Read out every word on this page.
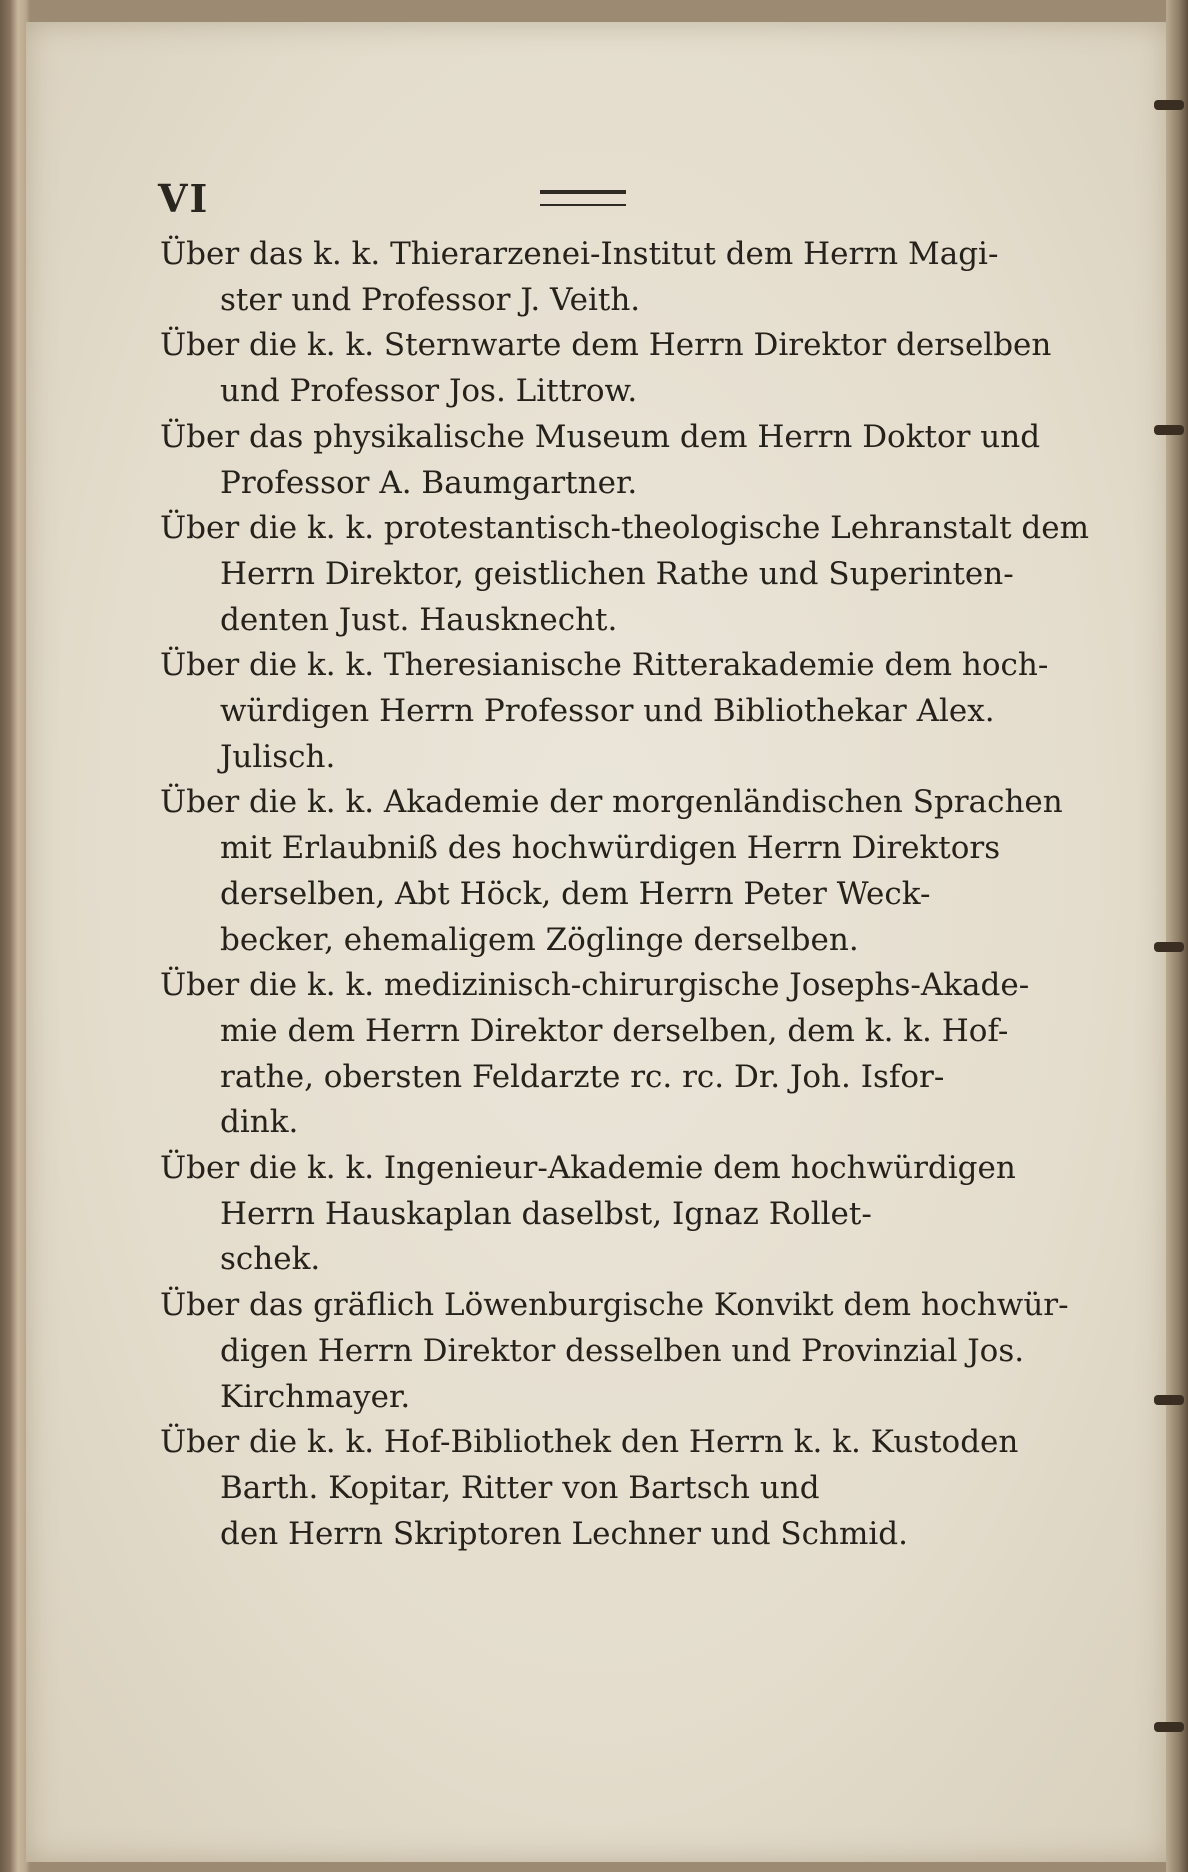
VI
Über das k. k. Thierarzenei-Institut dem Herrn Magi-
ster und Professor J. Veith.
Über die k. k. Sternwarte dem Herrn Direktor derselben
und Professor Jos. Littrow.
Über das physikalische Museum dem Herrn Doktor und
Professor A. Baumgartner.
Über die k. k. protestantisch-theologische Lehranstalt dem
Herrn Direktor, geistlichen Rathe und Superinten-
denten Just. Hausknecht.
Über die k. k. Theresianische Ritterakademie dem hoch-
würdigen Herrn Professor und Bibliothekar Alex.
Julisch.
Über die k. k. Akademie der morgenländischen Sprachen
mit Erlaubniß des hochwürdigen Herrn Direktors
derselben, Abt Höck, dem Herrn Peter Weck-
becker, ehemaligem Zöglinge derselben.
Über die k. k. medizinisch-chirurgische Josephs-Akade-
mie dem Herrn Direktor derselben, dem k. k. Hof-
rathe, obersten Feldarzte rc. rc. Dr. Joh. Isfor-
dink.
Über die k. k. Ingenieur-Akademie dem hochwürdigen
Herrn Hauskaplan daselbst, Ignaz Rollet-
schek.
Über das gräflich Löwenburgische Konvikt dem hochwür-
digen Herrn Direktor desselben und Provinzial Jos.
Kirchmayer.
Über die k. k. Hof-Bibliothek den Herrn k. k. Kustoden
Barth. Kopitar, Ritter von Bartsch und
den Herrn Skriptoren Lechner und Schmid.
